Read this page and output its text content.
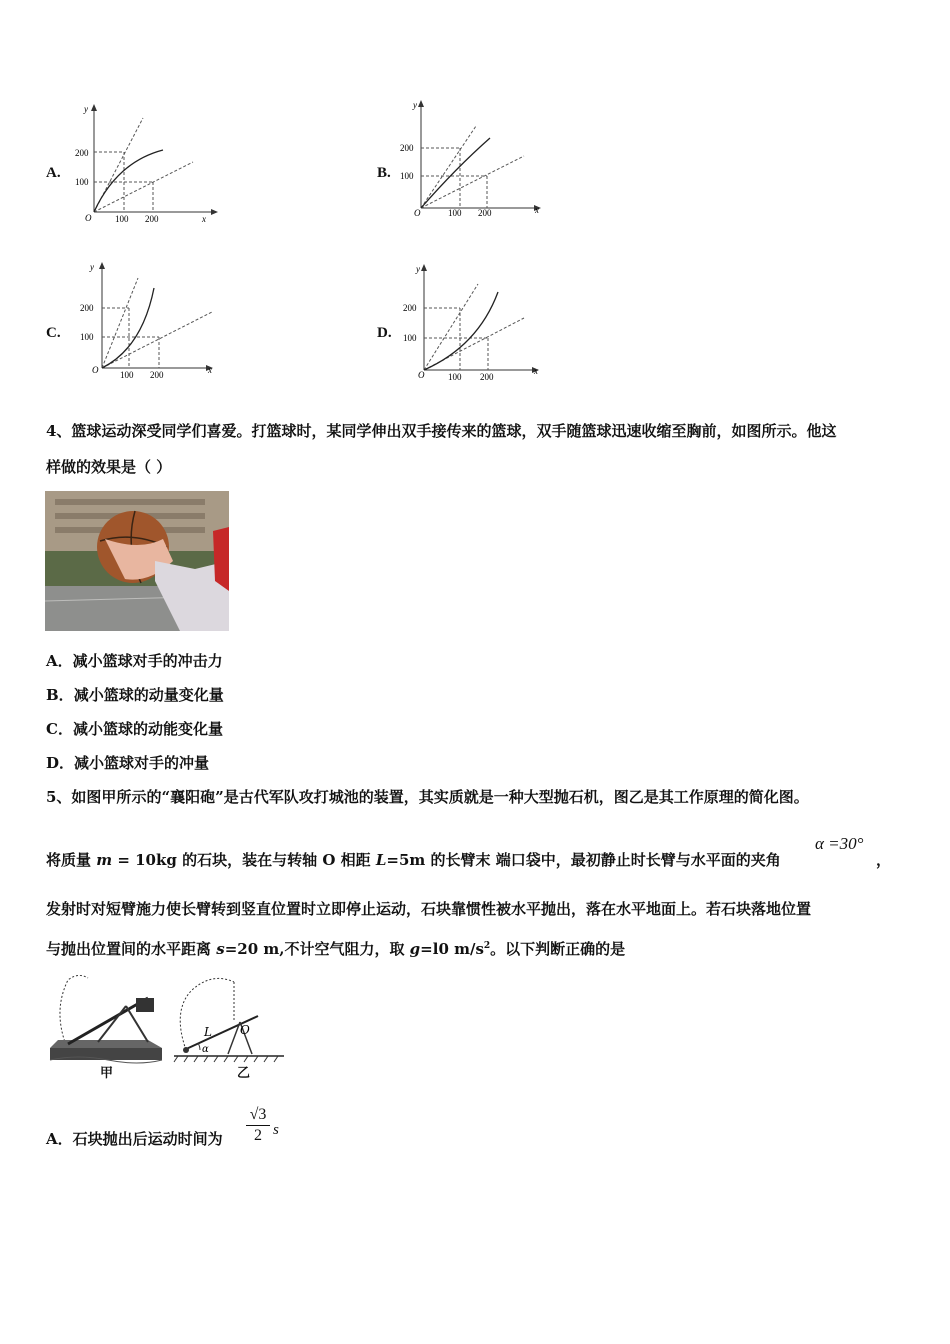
A.	B.
C.	D.
y
200
100
O	100 200	x
y
200
100
O	100 200	x
y
200
100
O 100 200	x
y
200
100
O	100 200
x
4、篮球运动深受同学们喜爱。打篮球时，某同学伸出双手接传来的篮球，双手随篮球迅速收缩至胸前，如图所示。他这
样做的效果是（ ）
A．减小篮球对手的冲击力
B．减小篮球的动量变化量
C．减小篮球的动能变化量
D．减小篮球对手的冲量
5、如图甲所示的“襄阳砲”是古代军队攻打城池的装置，其实质就是一种大型抛石机，图乙是其工作原理的简化图。
将质量 m = 10kg 的石块，装在与转轴 O 相距 L=5m 的长臂末 端口袋中，最初静止时长臂与水平面的夹角
α =30°
，
发射时对短臂施力使长臂转到竖直位置时立即停止运动，石块靠惯性被水平抛出，落在水平地面上。若石块落地位置
与抛出位置间的水平距离 s=20 m,不计空气阻力，取 g=l0 $m/s^2$。以下判断正确的是
甲
L O
α
乙
A．石块抛出后运动时间为 $\frac{√3}{2}$ s
